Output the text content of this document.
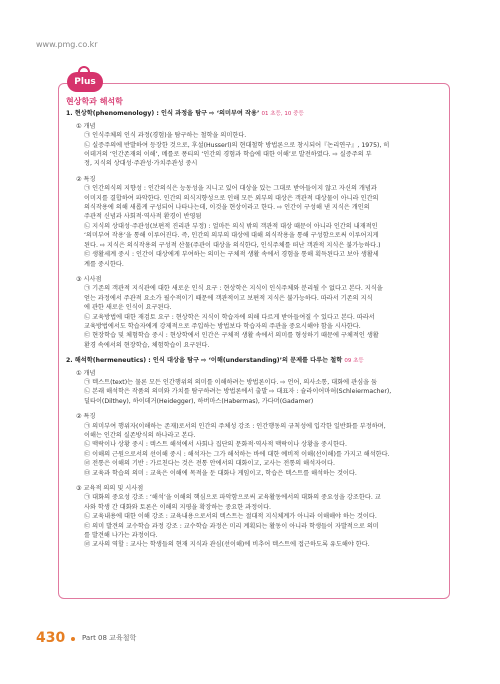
www.pmg.co.kr
Plus
현상학과 해석학
1. 현상학(phenomenology) : 인식 과정을 탐구 ⇨ ‘의미부여 작용’ 01 초등, 10 중등
① 개념
㉠ 인식주체의 인식 과정(경험)을 탐구하는 철학을 의미한다.
㉡ 실증주의에 반발하여 등장한 것으로, 후설(Husserl)의 현대철학 방법론으로 창시되어『논리연구』, 1975), 히
이데거의 ‘인간존재의 이해’, 메를로 퐁티의 ‘인간의 경험과 학습에 대한 이해’로 발전하였다. ⇨ 실증주의 부
정, 지식의 상대성·주관성·가치주관성 중시
② 특징
㉠ 인간의식의 지향성 : 인간의식은 능동성을 지니고 있어 대상을 있는 그대로 받아들이지 않고 자신의 개념과
이미지를 결합하여 파악한다. 인간의 의식지향성으로 인해 모든 외부의 대상은 객관적 대상물이 아니라 인간의
의식작용에 의해 새롭게 구성되어 나타나는데, 이것을 현상이라고 한다. ⇨ 인간이 구성해 낸 지식은 개인의
주관적 신념과 사회적·역사적 환경이 반영됨
㉡ 지식의 상대성·주관성(보편적 진리관 부정) : 얼마든 의식 밖의 객관적 대상 때문이 아니라 인간의 내재적인
‘의미부여 작용’을 통해 이루어진다. 즉, 인간의 의부의 대상에 대해 의식작용을 통해 구성함으로써 이루어지게
된다. ⇨ 지식은 의식작용의 구성적 산물(주관이 대상을 의식한다, 인식주체를 떠난 객관적 지식은 불가능하다.)
㉢ 생활세계 중시 : 인간이 대상에게 부여하는 의미는 구체적 생활 속에서 경험을 통해 획득된다고 보아 생활세
계를 중시한다.
③ 시사점
㉠ 기존의 객관적 지식관에 대한 새로운 인식 요구 : 현상학은 지식이 인식주체와 분리될 수 없다고 본다. 지식을
얻는 과정에서 주관적 요소가 필수적이기 때문에 객관적이고 보편적 지식은 불가능하다. 따라서 기존의 지식
에 관한 새로운 인식이 요구된다.
㉡ 교육방법에 대한 재검토 요구 : 현상학은 지식이 학습자에 의해 다르게 받아들여질 수 있다고 본다. 따라서
교육방법에서도 학습자에게 강제적으로 주입하는 방법보다 학습자의 주관을 중요시해야 함을 시사한다.
㉢ 현장학습 및 체험학습 중시 : 현상학에서 인간은 구체적 생활 속에서 의미를 형성하기 때문에 구체적인 생활
환경 속에서의 현장학습, 체험학습이 요구된다.
2. 해석학(hermeneutics) : 인식 대상을 탐구 ⇨ ‘이해(understanding)’의 문제를 다루는 철학 09 초등
① 개념
㉠ 텍스트(text)는 물론 모든 인간행위의 의미를 이해하려는 방법론이다. ⇨ 언어, 의사소통, 대화에 관심을 둠
㉡ 본래 해석학은 작품의 의미와 가치를 탐구하려는 방법론에서 출발 ⇨ 대표자 : 슐라이어마허(Schleiermacher),
딜타이(Dilthey), 하이데거(Heidegger), 하버마스(Habermas), 가다머(Gadamer)
② 특징
㉠ 의미부여 행위자(이해하는 존재)로서의 인간의 주체성 강조 : 인간행동의 규칙성에 입각한 일반화를 부정하며,
이해는 인간의 실존방식의 하나라고 본다.
㉡ 맥락이나 상황 중시 : 텍스트 해석에서 사회나 집단의 문화적·역사적 맥락이나 상황을 중시한다.
㉢ 이해의 근원으로서의 선이해 중시 : 해석자는 그가 해석하는 바에 대한 예비적 이해(선이해)를 가지고 해석한다.
㉣ 전통은 이해의 기반 : 가르친다는 것은 전통 안에서의 대화이고, 교사는 전통의 해석자이다.
㉤ 교육과 학습의 의미 : 교육은 이해에 목적을 둔 대화나 게임이고, 학습은 텍스트를 해석하는 것이다.
③ 교육적 의의 및 시사점
㉠ 대화의 중요성 강조 : ‘해석’을 이해의 핵심으로 파악함으로써 교육활동에서의 대화의 중요성을 강조한다. 교
사와 학생 간 대화와 토론은 이해의 지평을 확장하는 중요한 과정이다.
㉡ 교육내용에 대한 이해 강조 : 교육내용으로서의 텍스트는 절대적 지식체계가 아니라 이해해야 하는 것이다.
㉢ 의미 발견의 교수학습 과정 강조 : 교수학습 과정은 미리 계획되는 활동이 아니라 학생들이 자발적으로 의미
를 발견해 나가는 과정이다.
㉣ 교사의 역할 : 교사는 학생들의 현재 지식과 관심(선이해)에 비추어 텍스트에 접근하도록 유도해야 한다.
430 Part 08 교육철학
